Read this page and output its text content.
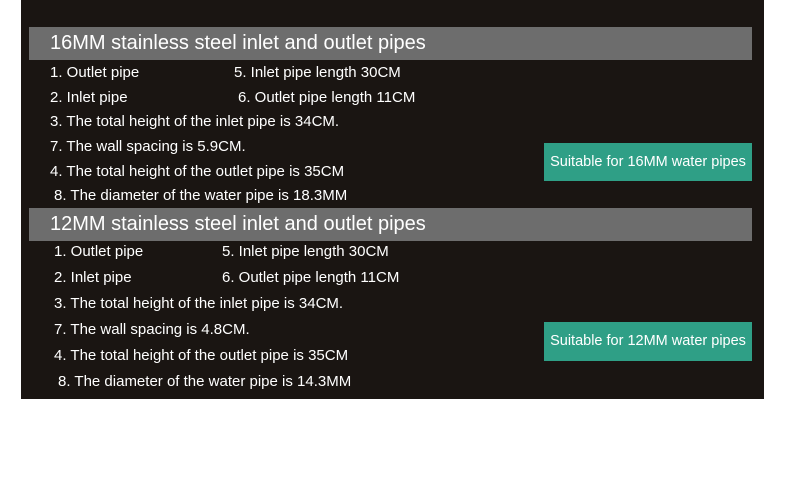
16MM stainless steel inlet and outlet pipes
1. Outlet pipe	5. Inlet pipe length 30CM
2. Inlet pipe	6. Outlet pipe length 11CM
3. The total height of the inlet pipe is 34CM.
7. The wall spacing is 5.9CM.
4. The total height of the outlet pipe is 35CM
8. The diameter of the water pipe is 18.3MM
Suitable for 16MM water pipes
12MM stainless steel inlet and outlet pipes
1. Outlet pipe	5. Inlet pipe length 30CM
2. Inlet pipe	6. Outlet pipe length 11CM
3. The total height of the inlet pipe is 34CM.
7. The wall spacing is 4.8CM.
4. The total height of the outlet pipe is 35CM
8. The diameter of the water pipe is 14.3MM
Suitable for 12MM water pipes
